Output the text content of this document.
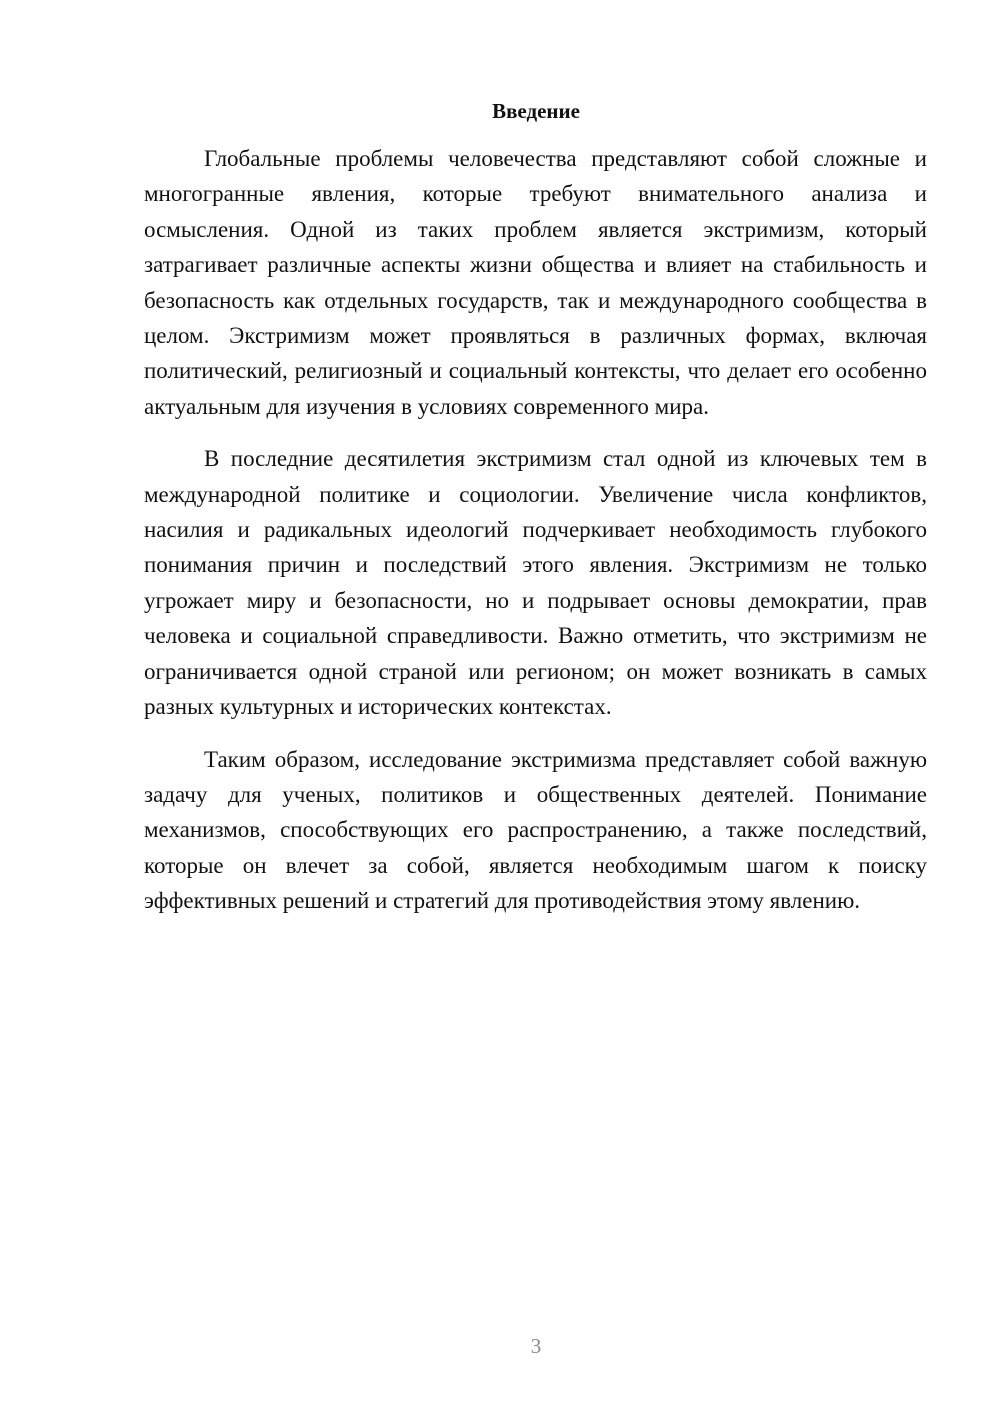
Введение

Глобальные проблемы человечества представляют собой сложные и многогранные явления, которые требуют внимательного анализа и осмысления. Одной из таких проблем является экстримизм, который затрагивает различные аспекты жизни общества и влияет на стабильность и безопасность как отдельных государств, так и международного сообщества в целом. Экстримизм может проявляться в различных формах, включая политический, религиозный и социальный контексты, что делает его особенно актуальным для изучения в условиях современного мира.

В последние десятилетия экстримизм стал одной из ключевых тем в международной политике и социологии. Увеличение числа конфликтов, насилия и радикальных идеологий подчеркивает необходимость глубокого понимания причин и последствий этого явления. Экстримизм не только угрожает миру и безопасности, но и подрывает основы демократии, прав человека и социальной справедливости. Важно отметить, что экстримизм не ограничивается одной страной или регионом; он может возникать в самых разных культурных и исторических контекстах.

Таким образом, исследование экстримизма представляет собой важную задачу для ученых, политиков и общественных деятелей. Понимание механизмов, способствующих его распространению, а также последствий, которые он влечет за собой, является необходимым шагом к поиску эффективных решений и стратегий для противодействия этому явлению.

3
